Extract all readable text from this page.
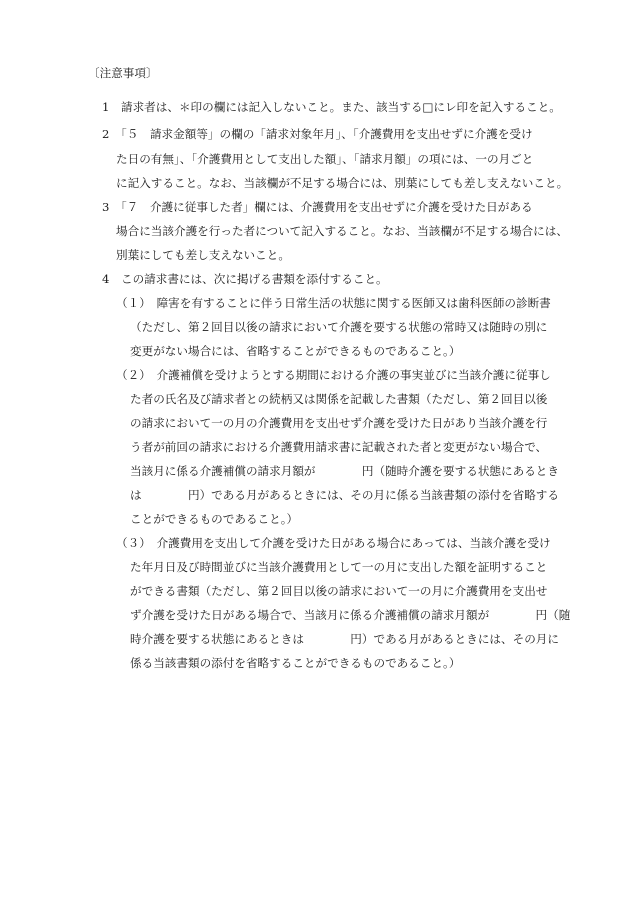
〔注意事項〕
1　請求者は、＊印の欄には記入しないこと。また、該当する□にレ印を記入すること。
2　「５　請求金額等」の欄の「請求対象年月」、「介護費用を支出せずに介護を受け
た日の有無」、「介護費用として支出した額」、「請求月額」の項には、一の月ごと
に記入すること。なお、当該欄が不足する場合には、別葉にしても差し支えないこと。
3　「７　介護に従事した者」欄には、介護費用を支出せずに介護を受けた日がある
場合に当該介護を行った者について記入すること。なお、当該欄が不足する場合には、
別葉にしても差し支えないこと。
4　この請求書には、次に掲げる書類を添付すること。
（１）　障害を有することに伴う日常生活の状態に関する医師又は歯科医師の診断書
（ただし、第２回目以後の請求において介護を要する状態の常時又は随時の別に
変更がない場合には、省略することができるものであること。）
（２）　介護補償を受けようとする期間における介護の事実並びに当該介護に従事し
た者の氏名及び請求者との続柄又は関係を記載した書類（ただし、第２回目以後
の請求において一の月の介護費用を支出せず介護を受けた日があり当該介護を行
う者が前回の請求における介護費用請求書に記載された者と変更がない場合で、
当該月に係る介護補償の請求月額が　　　　円（随時介護を要する状態にあるとき
は　　　　円）である月があるときには、その月に係る当該書類の添付を省略する
ことができるものであること。）
（３）　介護費用を支出して介護を受けた日がある場合にあっては、当該介護を受け
た年月日及び時間並びに当該介護費用として一の月に支出した額を証明すること
ができる書類（ただし、第２回目以後の請求において一の月に介護費用を支出せ
ず介護を受けた日がある場合で、当該月に係る介護補償の請求月額が　　　　円（随
時介護を要する状態にあるときは　　　　円）である月があるときには、その月に
係る当該書類の添付を省略することができるものであること。）
